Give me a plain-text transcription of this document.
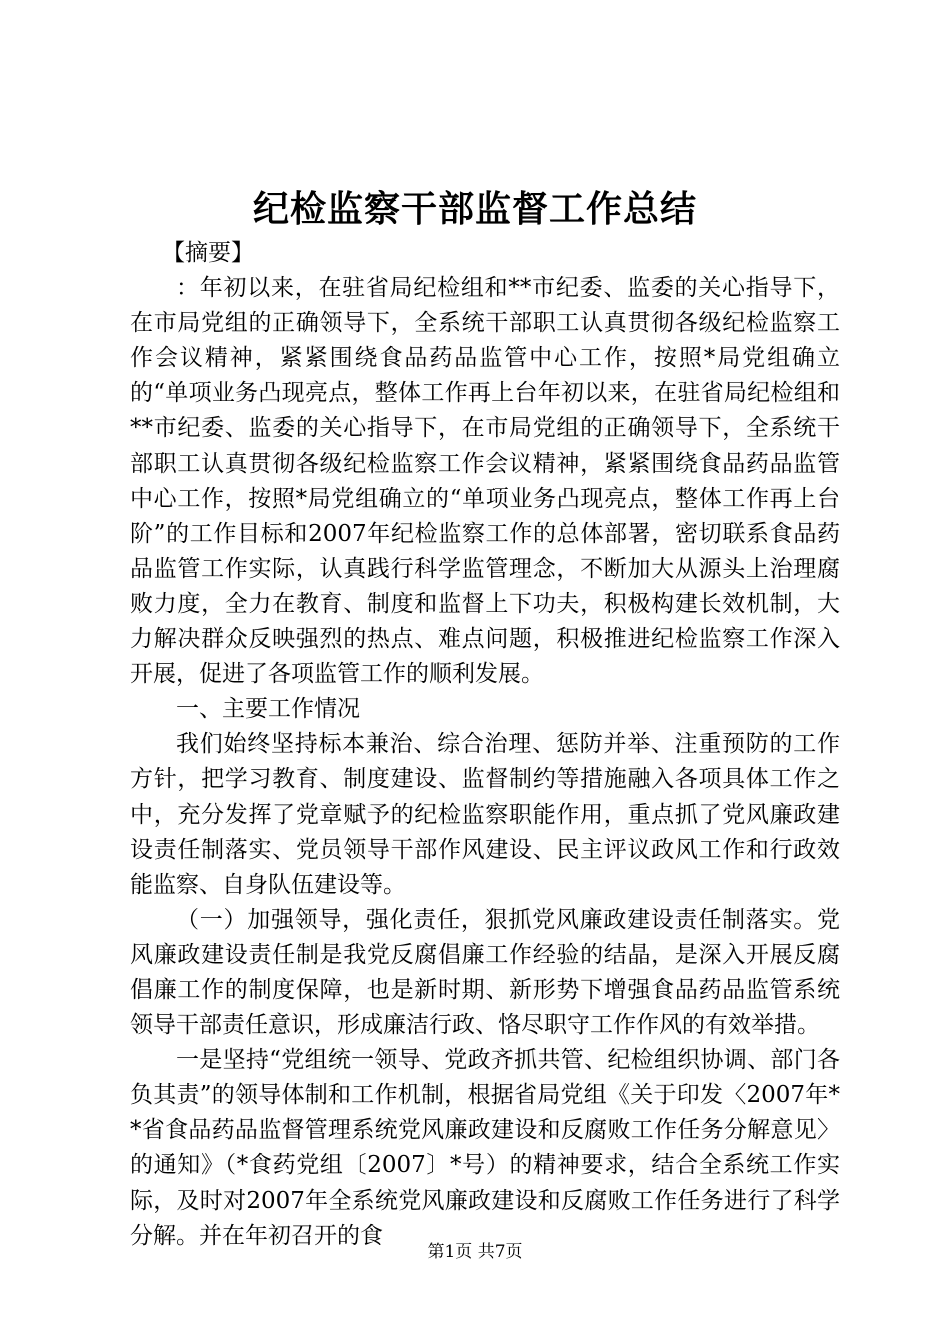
纪检监察干部监督工作总结

【摘要】

：年初以来，在驻省局纪检组和**市纪委、监委的关心指导下，在市局党组的正确领导下，全系统干部职工认真贯彻各级纪检监察工作会议精神，紧紧围绕食品药品监管中心工作，按照*局党组确立的“单项业务凸现亮点，整体工作再上台年初以来，在驻省局纪检组和**市纪委、监委的关心指导下，在市局党组的正确领导下，全系统干部职工认真贯彻各级纪检监察工作会议精神，紧紧围绕食品药品监管中心工作，按照*局党组确立的“单项业务凸现亮点，整体工作再上台阶”的工作目标和2007年纪检监察工作的总体部署，密切联系食品药品监管工作实际，认真践行科学监管理念，不断加大从源头上治理腐败力度，全力在教育、制度和监督上下功夫，积极构建长效机制，大力解决群众反映强烈的热点、难点问题，积极推进纪检监察工作深入开展，促进了各项监管工作的顺利发展。

一、主要工作情况

我们始终坚持标本兼治、综合治理、惩防并举、注重预防的工作方针，把学习教育、制度建设、监督制约等措施融入各项具体工作之中，充分发挥了党章赋予的纪检监察职能作用，重点抓了党风廉政建设责任制落实、党员领导干部作风建设、民主评议政风工作和行政效能监察、自身队伍建设等。

（一）加强领导，强化责任，狠抓党风廉政建设责任制落实。党风廉政建设责任制是我党反腐倡廉工作经验的结晶，是深入开展反腐倡廉工作的制度保障，也是新时期、新形势下增强食品药品监管系统领导干部责任意识，形成廉洁行政、恪尽职守工作作风的有效举措。

一是坚持“党组统一领导、党政齐抓共管、纪检组织协调、部门各负其责”的领导体制和工作机制，根据省局党组《关于印发〈2007年**省食品药品监督管理系统党风廉政建设和反腐败工作任务分解意见〉的通知》（*食药党组〔2007〕*号）的精神要求，结合全系统工作实际，及时对2007年全系统党风廉政建设和反腐败工作任务进行了科学分解。并在年初召开的食

第1页 共7页
